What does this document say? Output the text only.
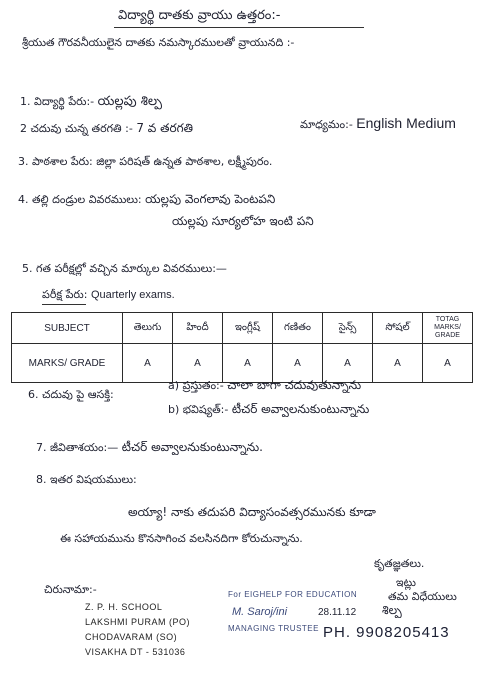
విద్యార్థి దాతకు వ్రాయు ఉత్తరం:-
శ్రీయుత గౌరవనీయులైన దాతకు నమస్కారములతో వ్రాయునది :-
1. విద్యార్థి పేరు:- యల్లపు శిల్ప
2 చదువు చున్న తరగతి :- 7 వ తరగతి	మాధ్యమం:- English Medium
3. పాఠశాల పేరు: జిల్లా పరిషత్ ఉన్నత పాఠశాల, లక్ష్మీపురం.
4. తల్లి దండ్రుల వివరములు: యల్లపు వెంగలావు పెంటపని
యల్లపు సూర్యలోహ ఇంటి పని
5. గత పరీక్షల్లో వచ్చిన మార్కుల వివరములు:—
పరీక్ష పేరు: Quarterly exams.
SUBJECT	తెలుగు	హిందీ	ఇంగ్లీష్	గణితం	సైన్స్	సోషల్	TOTAG MARKS/ GRADE
MARKS/ GRADE	A	A	A	A	A	A	A
6. చదువు పై ఆసక్తి:
a) ప్రస్తుతం:- చాలా బాగా చదువుతున్నాను
b) భవిష్యత్:- టీచర్ అవ్వాలనుకుంటున్నాను
7. జీవితాశయం:— టీచర్ అవ్వాలనుకుంటున్నాను.
8. ఇతర విషయములు:
అయ్యా! నాకు తదుపరి విద్యాసంవత్సరమునకు కూడా
ఈ సహాయమును కొనసాగించ వలసినదిగా కోరుచున్నాను.
కృతజ్ఞతలు.
చిరునామా:-
Z. P. H. SCHOOL
LAKSHMI PURAM (PO)
CHODAVARAM (SO)
VISAKHA DT - 531036
For EIGHELP FOR EDUCATION
M. Saroj/ini
MANAGING TRUSTEE
ఇట్లు
తమ విధేయులు
28.11.12 శిల్ప
PH. 9908205413
